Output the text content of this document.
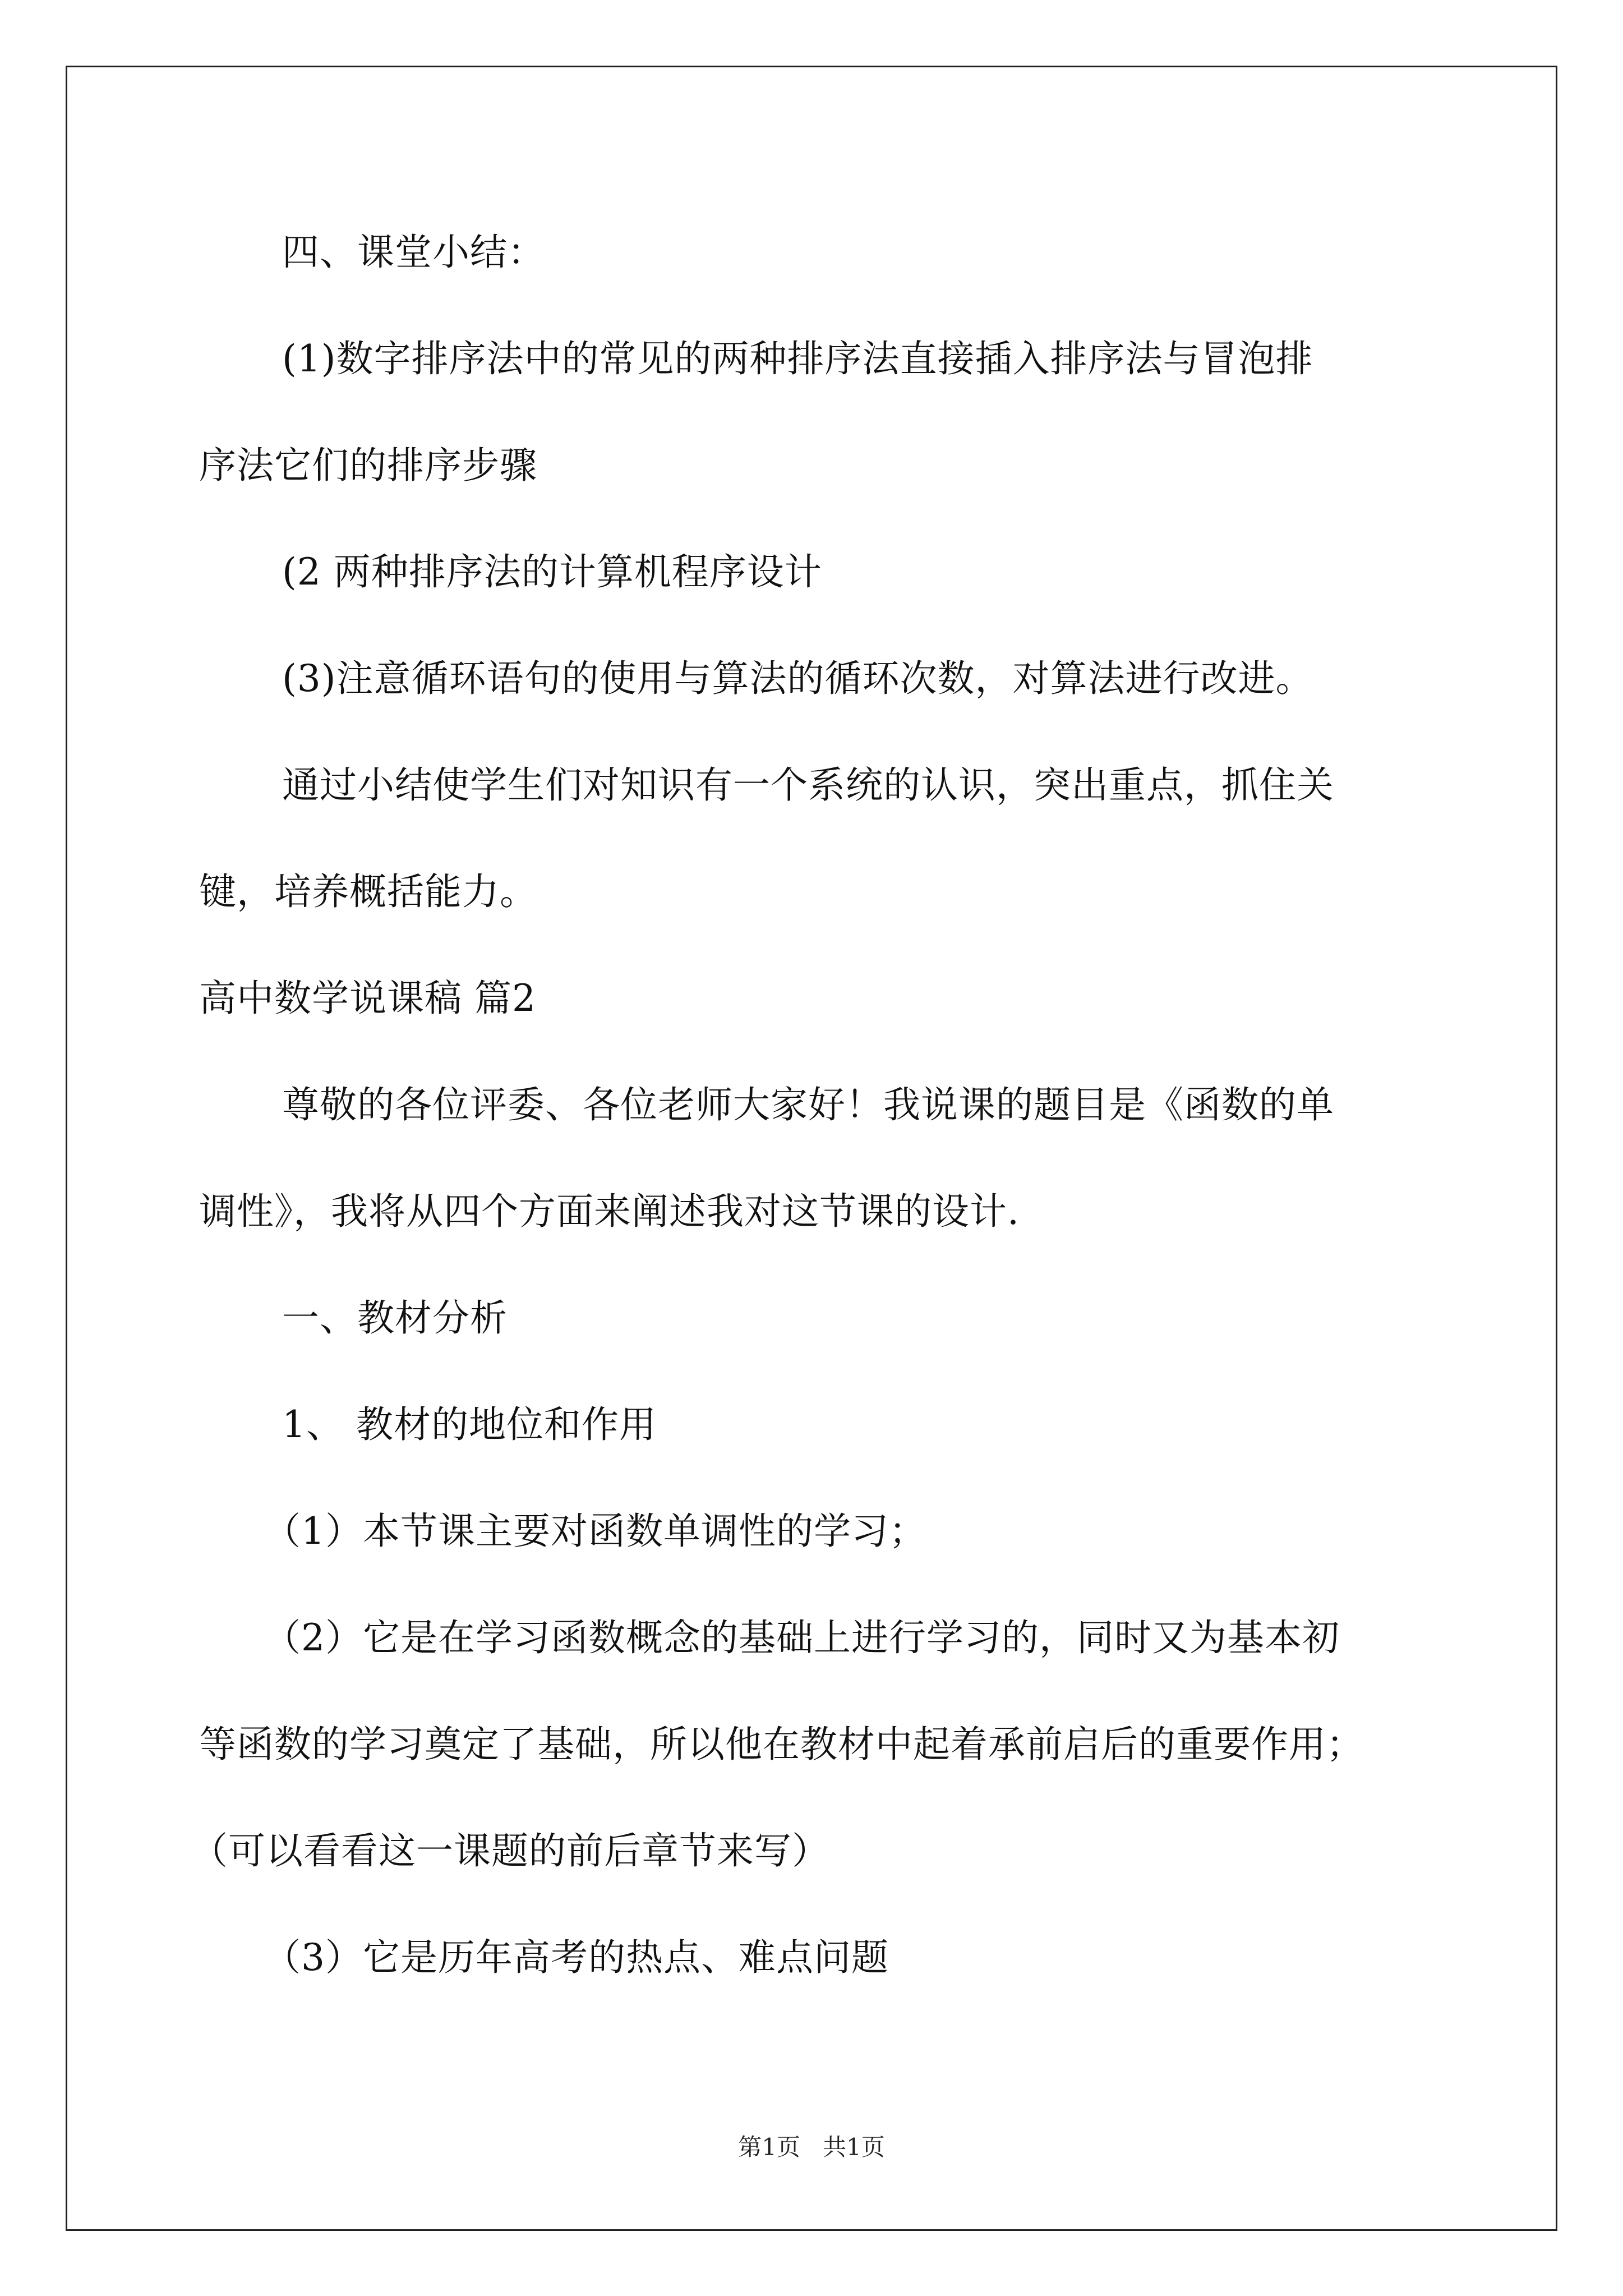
四、课堂小结：
(1)数字排序法中的常见的两种排序法直接插入排序法与冒泡排
序法它们的排序步骤
(2 两种排序法的计算机程序设计
(3)注意循环语句的使用与算法的循环次数，对算法进行改进。
通过小结使学生们对知识有一个系统的认识，突出重点，抓住关
键，培养概括能力。
高中数学说课稿 篇2
尊敬的各位评委、各位老师大家好！我说课的题目是《函数的单
调性》，我将从四个方面来阐述我对这节课的设计.
一、教材分析
1、 教材的地位和作用
（1）本节课主要对函数单调性的学习；
（2）它是在学习函数概念的基础上进行学习的，同时又为基本初
等函数的学习奠定了基础，所以他在教材中起着承前启后的重要作用；
（可以看看这一课题的前后章节来写）
（3）它是历年高考的热点、难点问题
第1页   共1页
